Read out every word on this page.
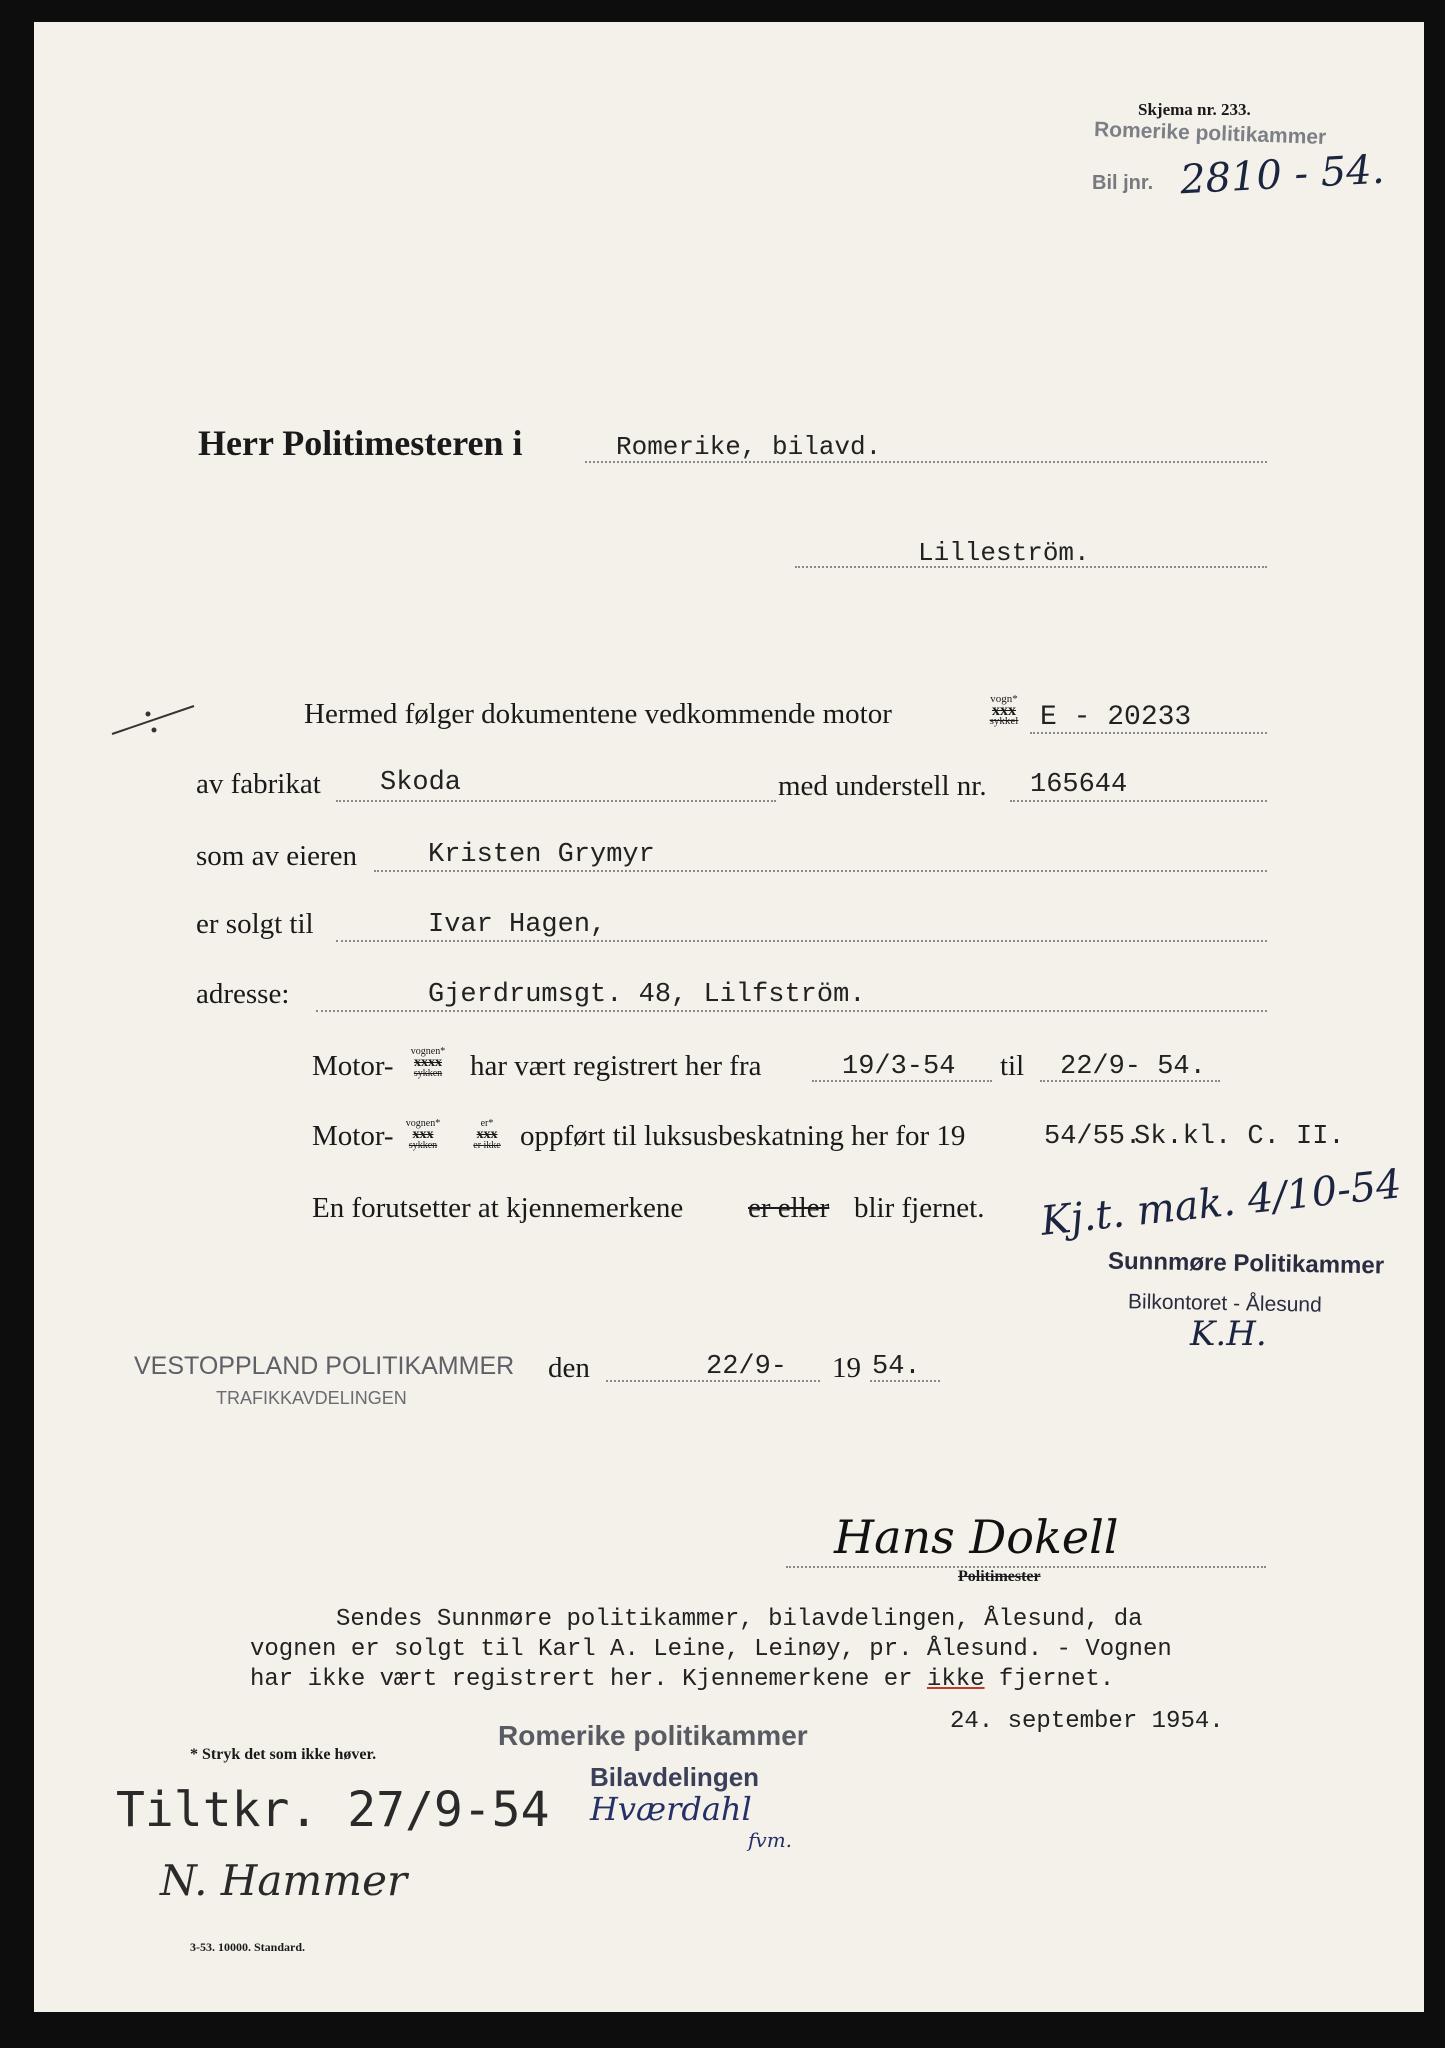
Skjema nr. 233.
Romerike politikammer
Bil jnr. 2810 - 54.
Herr Politimesteren i	Romerike, bilavd.
Lilleström.
Hermed følger dokumentene vedkommende motor	vogn*
xxx
sykkel E - 20233
av fabrikat Skoda	med understell nr. 165644
som av eieren	Kristen Grymyr
er solgt til	Ivar Hagen,
adresse:	Gjerdrumsgt. 48, Lilfström.
Motor-	vognen*
xxxx
sykken har vært registrert her fra	19/3-54 til 22/9- 54.
Motor-	vognen*
xxx
sykken
er*
xxx
er ikke oppført til luksusbeskatning her for 19	54/55.
Sk.kl. C. II.
En forutsetter at kjennemerkene er eller blir fjernet. Kj.t. mak. 4/10-54
Sunnmøre Politikammer
Bilkontoret - Ålesund
K.H.
VESTOPPLAND POLITIKAMMER
TRAFIKKAVDELINGEN
den	22/9- 19 54.
Hans Dokell
Politimester
Sendes Sunnmøre politikammer, bilavdelingen, Ålesund, da
vognen er solgt til Karl A. Leine, Leinøy, pr. Ålesund. - Vognen
har ikke vært registrert her. Kjennemerkene er ikke fjernet.
24. september 1954.
Romerike politikammer
Bilavdelingen
Hværdahl
fvm.
* Stryk det som ikke høver.
Tiltkr. 27/9-54
N. Hammer
3-53. 10000. Standard.
